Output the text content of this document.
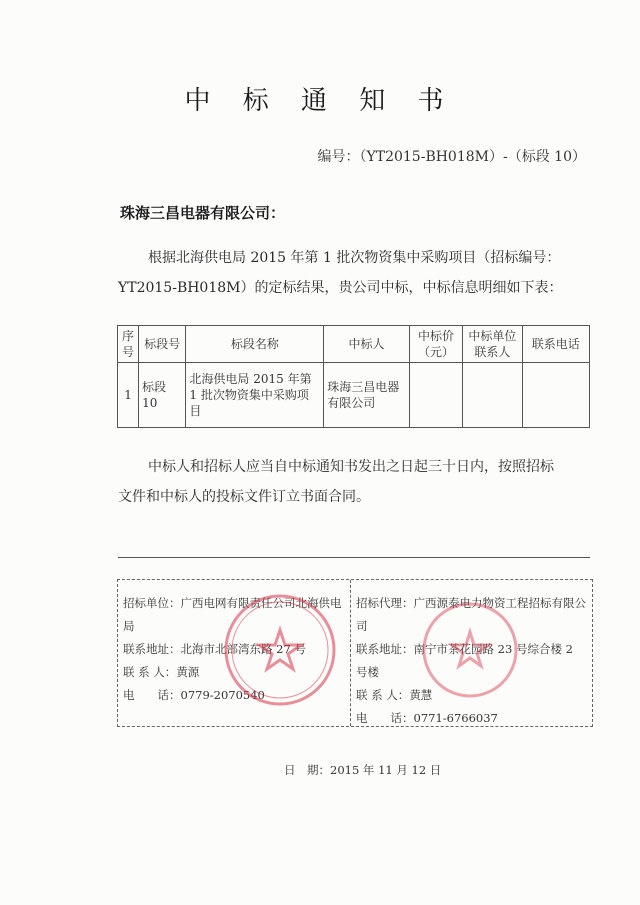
中 标 通 知 书
编号：（YT2015-BH018M）-（标段 10）
珠海三昌电器有限公司：
根据北海供电局 2015 年第 1 批次物资集中采购项目（招标编号：
YT2015-BH018M）的定标结果，贵公司中标，中标信息明细如下表：
序号	标段号	标段名称	中标人	中标价（元）	中标单位联系人	联系电话
1	标段 10	北海供电局 2015 年第 1 批次物资集中采购项目	珠海三昌电器有限公司			
中标人和招标人应当自中标通知书发出之日起三十日内，按照招标
文件和中标人的投标文件订立书面合同。
招标单位：广西电网有限责任公司北海供电局
联系地址：北海市北部湾东路 27 号
联 系 人：黄源
电　　话：0779-2070540
招标代理：广西源泰电力物资工程招标有限公司
联系地址：南宁市茶花园路 23 号综合楼 2 号楼
联 系 人：黄慧
电　　话：0771-6766037
日　期：2015 年 11 月 12 日
